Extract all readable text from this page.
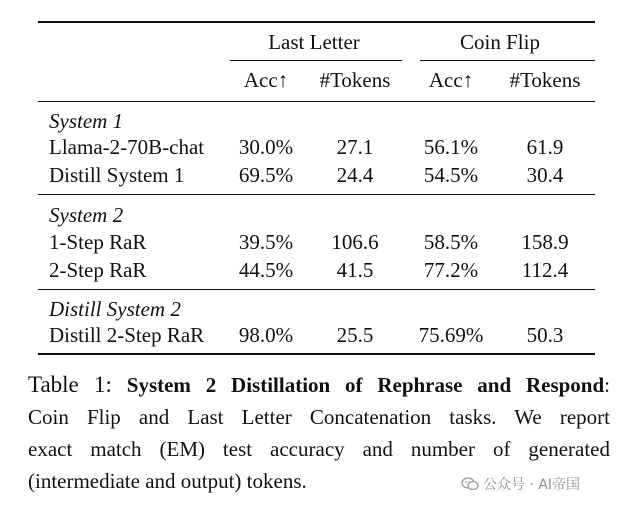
Last Letter	Coin Flip
Acc↑ #Tokens Acc↑ #Tokens
System 1
Llama-2-70B-chat 30.0% 27.1 56.1% 61.9
Distill System 1	69.5% 24.4 54.5% 30.4
System 2
1-Step RaR	39.5% 106.6 58.5% 158.9
2-Step RaR	44.5% 41.5 77.2% 112.4
Distill System 2
Distill 2-Step RaR 98.0% 25.5 75.69% 50.3
Table 1: System 2 Distillation of Rephrase and Respond:
Coin Flip and Last Letter Concatenation tasks. We report
exact match (EM) test accuracy and number of generated
(intermediate and output) tokens.	公众号 · AI帝国
